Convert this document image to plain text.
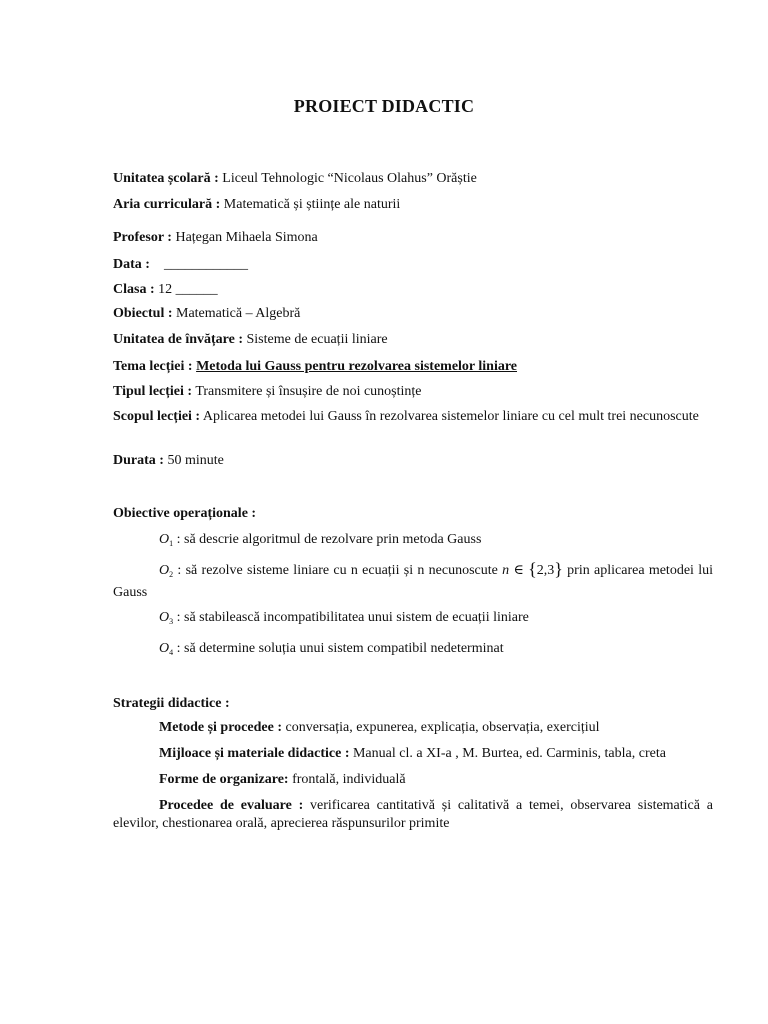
PROIECT DIDACTIC
Unitatea școlară : Liceul Tehnologic “Nicolaus Olahus” Orăștie
Aria curriculară : Matematică și științe ale naturii
Profesor : Hațegan Mihaela Simona
Data :    ____________
Clasa : 12 ______
Obiectul : Matematică – Algebră
Unitatea de învățare : Sisteme de ecuații liniare
Tema lecției : Metoda lui Gauss pentru rezolvarea sistemelor liniare
Tipul lecției : Transmitere și însușire de noi cunoștințe
Scopul lecției : Aplicarea metodei lui Gauss în rezolvarea sistemelor liniare cu cel mult trei necunoscute
Durata : 50 minute
Obiective operaționale :
$O_1$ : să descrie algoritmul de rezolvare prin metoda Gauss
$O_2$ : să rezolve sisteme liniare cu n ecuații și n necunoscute n ∈ {2,3} prin aplicarea metodei lui Gauss
$O_3$ : să stabilească incompatibilitatea unui sistem de ecuații liniare
$O_4$ : să determine soluția unui sistem compatibil nedeterminat
Strategii didactice :
Metode și procedee : conversația, expunerea, explicația, observația, exercițiul
Mijloace și materiale didactice : Manual cl. a XI-a , M. Burtea, ed. Carminis, tabla, creta
Forme de organizare: frontală, individuală
Procedee de evaluare : verificarea cantitativă și calitativă a temei, observarea sistematică a elevilor, chestionarea orală, aprecierea răspunsurilor primite
